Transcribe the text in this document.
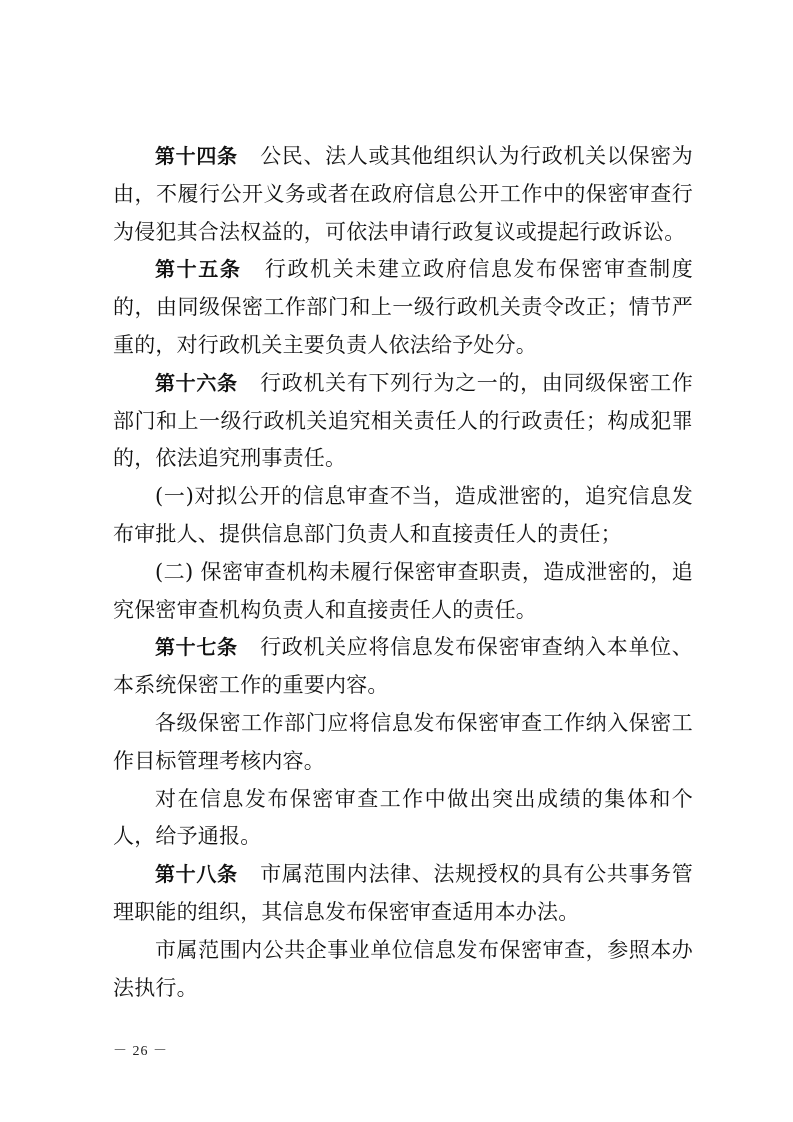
第十四条 公民、法人或其他组织认为行政机关以保密为由，不履行公开义务或者在政府信息公开工作中的保密审查行为侵犯其合法权益的，可依法申请行政复议或提起行政诉讼。

第十五条 行政机关未建立政府信息发布保密审查制度的，由同级保密工作部门和上一级行政机关责令改正；情节严重的，对行政机关主要负责人依法给予处分。

第十六条 行政机关有下列行为之一的，由同级保密工作部门和上一级行政机关追究相关责任人的行政责任；构成犯罪的，依法追究刑事责任。

(一)对拟公开的信息审查不当，造成泄密的，追究信息发布审批人、提供信息部门负责人和直接责任人的责任；

(二) 保密审查机构未履行保密审查职责，造成泄密的，追究保密审查机构负责人和直接责任人的责任。

第十七条 行政机关应将信息发布保密审查纳入本单位、本系统保密工作的重要内容。

各级保密工作部门应将信息发布保密审查工作纳入保密工作目标管理考核内容。

对在信息发布保密审查工作中做出突出成绩的集体和个人，给予通报。

第十八条 市属范围内法律、法规授权的具有公共事务管理职能的组织，其信息发布保密审查适用本办法。

市属范围内公共企事业单位信息发布保密审查，参照本办法执行。

－ 26 －
